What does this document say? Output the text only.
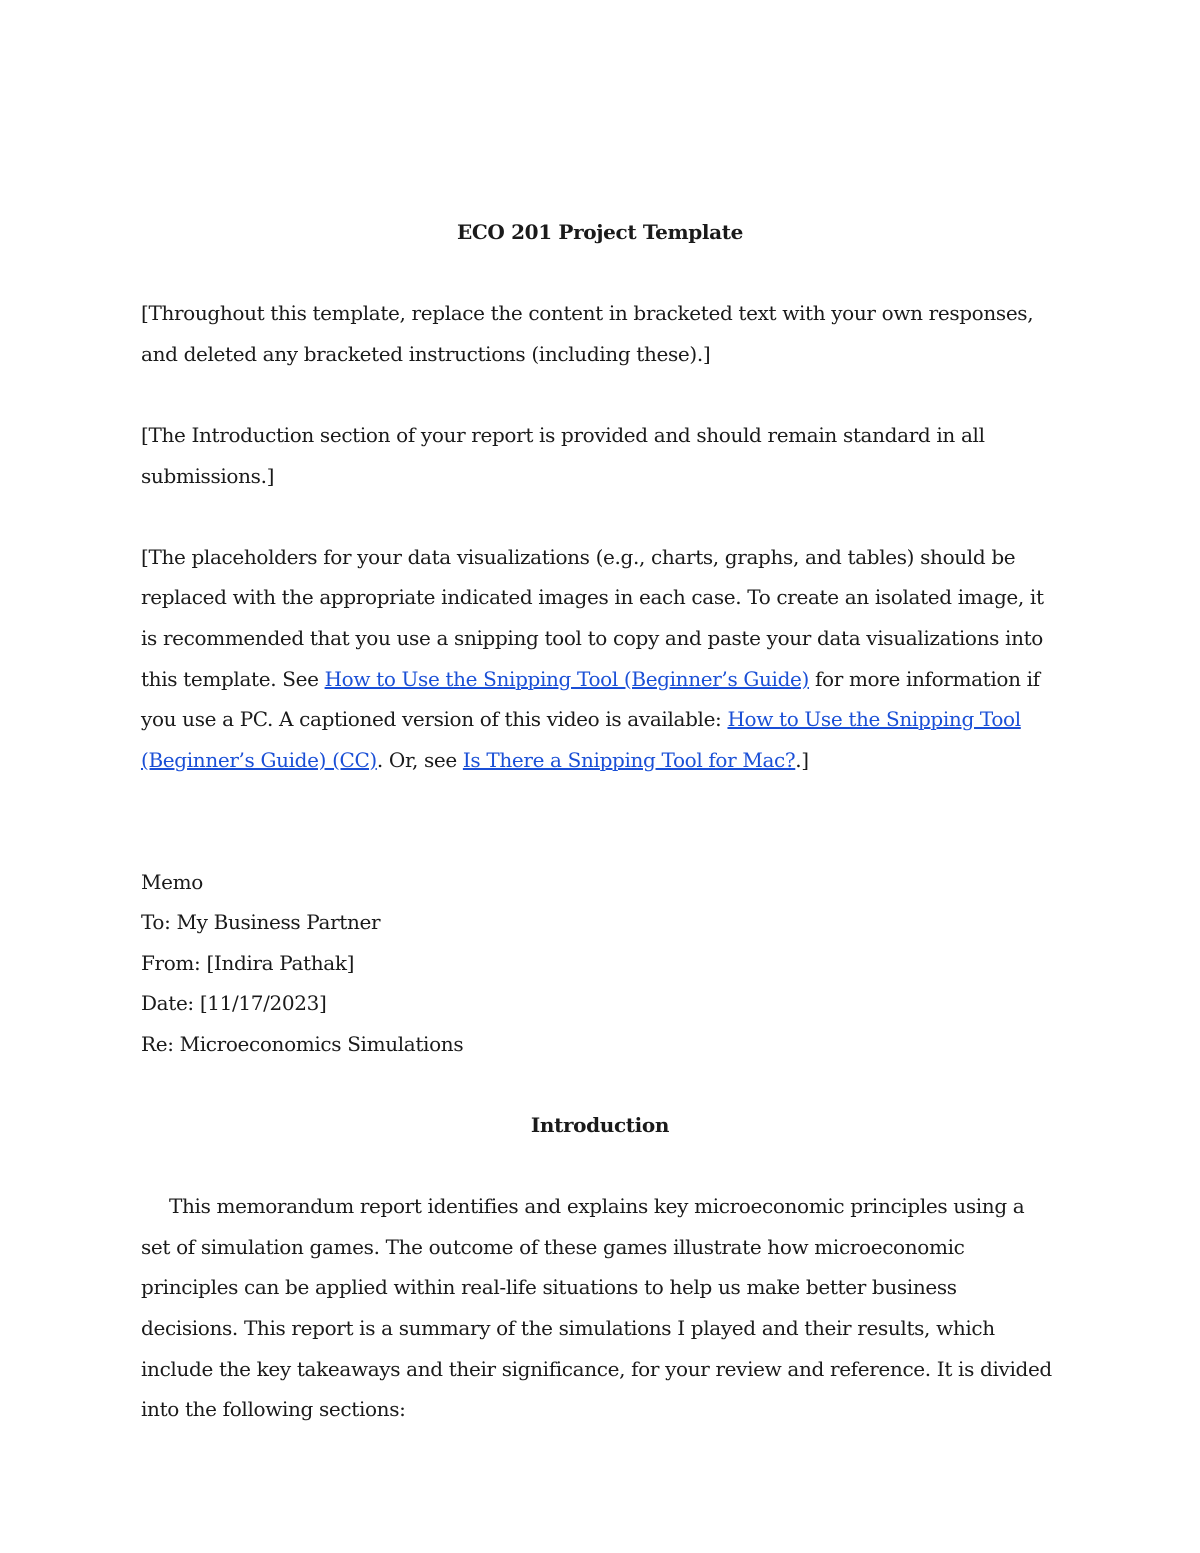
ECO 201 Project Template

[Throughout this template, replace the content in bracketed text with your own responses, and deleted any bracketed instructions (including these).]

[The Introduction section of your report is provided and should remain standard in all submissions.]

[The placeholders for your data visualizations (e.g., charts, graphs, and tables) should be replaced with the appropriate indicated images in each case. To create an isolated image, it is recommended that you use a snipping tool to copy and paste your data visualizations into this template. See How to Use the Snipping Tool (Beginner’s Guide) for more information if you use a PC. A captioned version of this video is available: How to Use the Snipping Tool (Beginner’s Guide) (CC). Or, see Is There a Snipping Tool for Mac?.]

Memo
To: My Business Partner
From: [Indira Pathak]
Date: [11/17/2023]
Re: Microeconomics Simulations

Introduction

This memorandum report identifies and explains key microeconomic principles using a set of simulation games. The outcome of these games illustrate how microeconomic principles can be applied within real-life situations to help us make better business decisions. This report is a summary of the simulations I played and their results, which include the key takeaways and their significance, for your review and reference. It is divided into the following sections:
